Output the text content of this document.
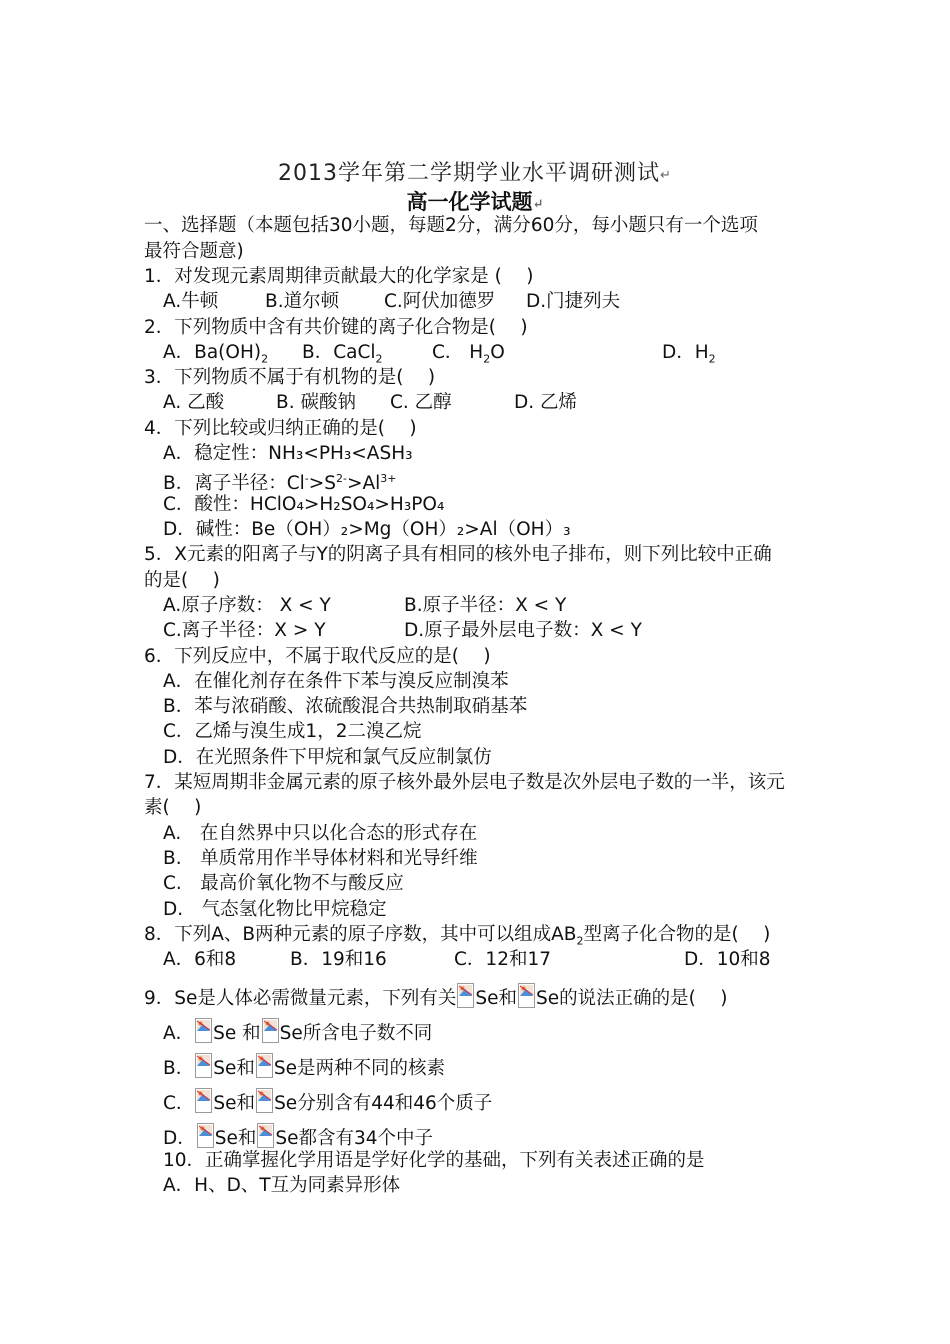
2013学年第二学期学业水平调研测试↵
高一化学试题↵
一、选择题（本题包括30小题，每题2分，满分60分，每小题只有一个选项
最符合题意)
1．对发现元素周期律贡献最大的化学家是 (　 )
A.牛顿	B.道尔顿 C.阿伏加德罗 D.门捷列夫
2．下列物质中含有共价键的离子化合物是(　 )
A．$Ba(OH)_2$ B．CaCl$_2$	C． $H_2O$	D．$H_2$
3．下列物质不属于有机物的是(　 )
A. 乙酸	B. 碳酸钠 C. 乙醇	D. 乙烯
4．下列比较或归纳正确的是(　 )
A．稳定性：NH₃<PH₃<ASH₃
B．离子半径：$Cl^->S^{2-}>Al^{3+}$
C．酸性：HClO₄>H₂SO₄>H₃PO₄
D．碱性：Be（OH）₂>Mg（OH）₂>Al（OH）₃
5．X元素的阳离子与Y的阴离子具有相同的核外电子排布，则下列比较中正确
的是(　 )
A.原子序数： X < Y	B.原子半径：X < Y
C.离子半径：X > Y	D.原子最外层电子数：X < Y
6．下列反应中，不属于取代反应的是(　 )
A．在催化剂存在条件下苯与溴反应制溴苯
B．苯与浓硝酸、浓硫酸混合共热制取硝基苯
C．乙烯与溴生成1，2二溴乙烷
D．在光照条件下甲烷和氯气反应制氯仿
7．某短周期非金属元素的原子核外最外层电子数是次外层电子数的一半，该元
素(　 )
A.　在自然界中只以化合态的形式存在
B.　单质常用作半导体材料和光导纤维
C.　最高价氧化物不与酸反应
D.　气态氢化物比甲烷稳定
8．下列A、B两种元素的原子序数，其中可以组成$AB_2$型离子化合物的是(　 )
A．6和8	B．19和16	C．12和17	D．10和8
9．Se是人体必需微量元素，下列有关 Se和 Se的说法正确的是(　 )
A． Se 和 Se所含电子数不同
B． Se和 Se是两种不同的核素
C． Se和 Se分别含有44和46个质子
D． Se和 Se都含有34个中子
10．正确掌握化学用语是学好化学的基础，下列有关表述正确的是
A．H、D、T互为同素异形体
